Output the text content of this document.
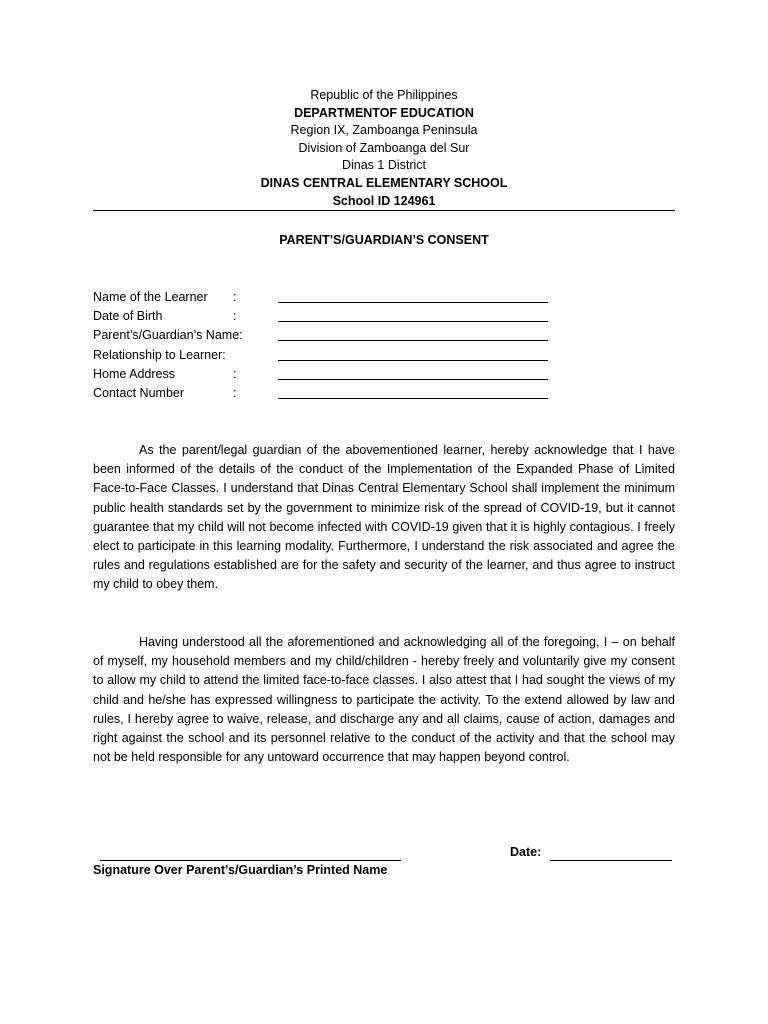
Republic of the Philippines
DEPARTMENTOF EDUCATION
Region IX, Zamboanga Peninsula
Division of Zamboanga del Sur
Dinas 1 District
DINAS CENTRAL ELEMENTARY SCHOOL
School ID 124961
PARENT’S/GUARDIAN’S CONSENT
Name of the Learner :
Date of Birth	:
Parent’s/Guardian’s Name:
Relationship to Learner:
Home Address	:
Contact Number	:

As the parent/legal guardian of the abovementioned learner, hereby acknowledge that I have been informed of the details of the conduct of the Implementation of the Expanded Phase of Limited Face-to-Face Classes. I understand that Dinas Central Elementary School shall implement the minimum public health standards set by the government to minimize risk of the spread of COVID-19, but it cannot guarantee that my child will not become infected with COVID-19 given that it is highly contagious. I freely elect to participate in this learning modality. Furthermore, I understand the risk associated and agree the rules and regulations established are for the safety and security of the learner, and thus agree to instruct my child to obey them.

Having understood all the aforementioned and acknowledging all of the foregoing, I – on behalf of myself, my household members and my child/children - hereby freely and voluntarily give my consent to allow my child to attend the limited face-to-face classes. I also attest that I had sought the views of my child and he/she has expressed willingness to participate the activity. To the extend allowed by law and rules, I hereby agree to waive, release, and discharge any and all claims, cause of action, damages and right against the school and its personnel relative to the conduct of the activity and that the school may not be held responsible for any untoward occurrence that may happen beyond control.

Signature Over Parent’s/Guardian’s Printed Name
Date:
